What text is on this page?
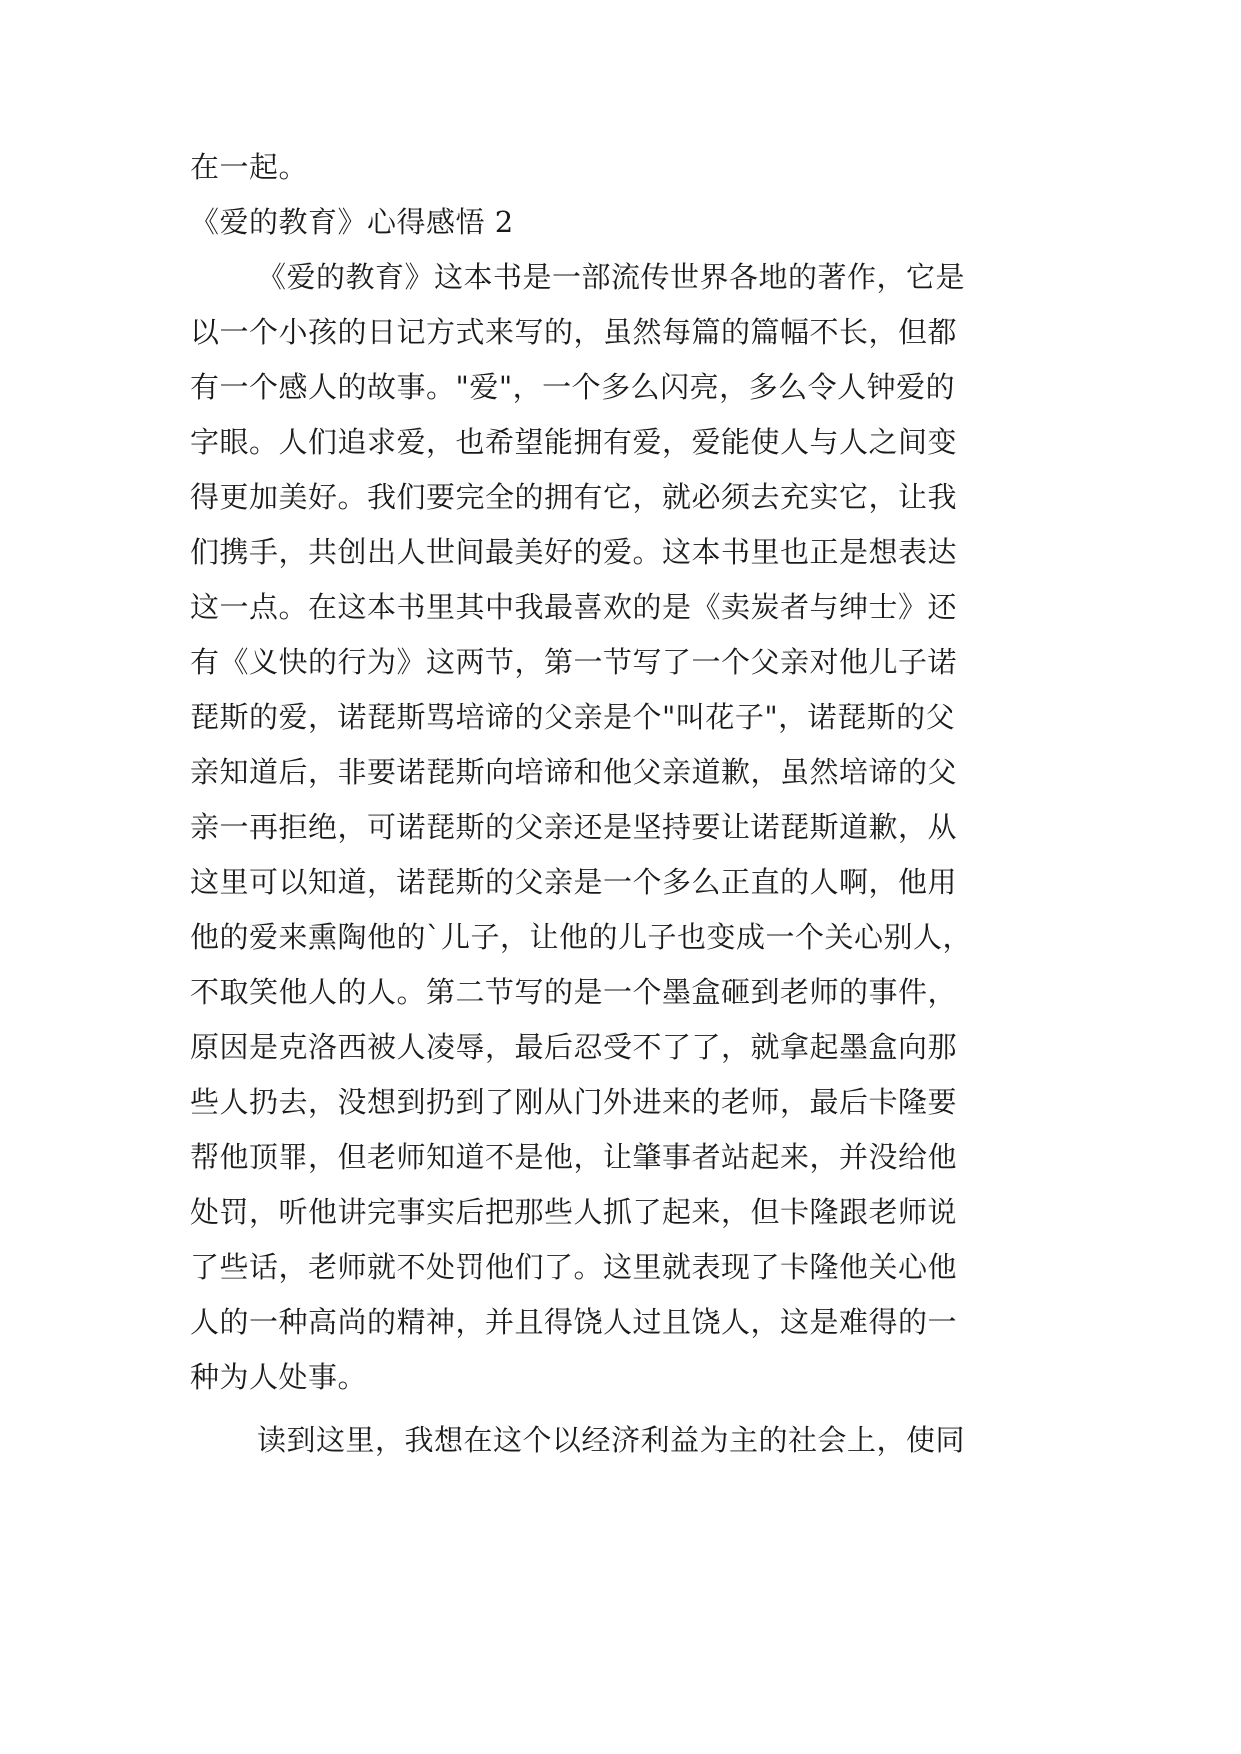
在一起。
《爱的教育》心得感悟 2
《爱的教育》这本书是一部流传世界各地的著作，它是
以一个小孩的日记方式来写的，虽然每篇的篇幅不长，但都
有一个感人的故事。"爱"，一个多么闪亮，多么令人钟爱的
字眼。人们追求爱，也希望能拥有爱，爱能使人与人之间变
得更加美好。我们要完全的拥有它，就必须去充实它，让我
们携手，共创出人世间最美好的爱。这本书里也正是想表达
这一点。在这本书里其中我最喜欢的是《卖炭者与绅士》还
有《义快的行为》这两节，第一节写了一个父亲对他儿子诺
琵斯的爱，诺琵斯骂培谛的父亲是个"叫花子"，诺琵斯的父
亲知道后，非要诺琵斯向培谛和他父亲道歉，虽然培谛的父
亲一再拒绝，可诺琵斯的父亲还是坚持要让诺琵斯道歉，从
这里可以知道，诺琵斯的父亲是一个多么正直的人啊，他用
他的爱来熏陶他的`儿子，让他的儿子也变成一个关心别人，
不取笑他人的人。第二节写的是一个墨盒砸到老师的事件，
原因是克洛西被人凌辱，最后忍受不了了，就拿起墨盒向那
些人扔去，没想到扔到了刚从门外进来的老师，最后卡隆要
帮他顶罪，但老师知道不是他，让肇事者站起来，并没给他
处罚，听他讲完事实后把那些人抓了起来，但卡隆跟老师说
了些话，老师就不处罚他们了。这里就表现了卡隆他关心他
人的一种高尚的精神，并且得饶人过且饶人，这是难得的一
种为人处事。
读到这里，我想在这个以经济利益为主的社会上，使同
